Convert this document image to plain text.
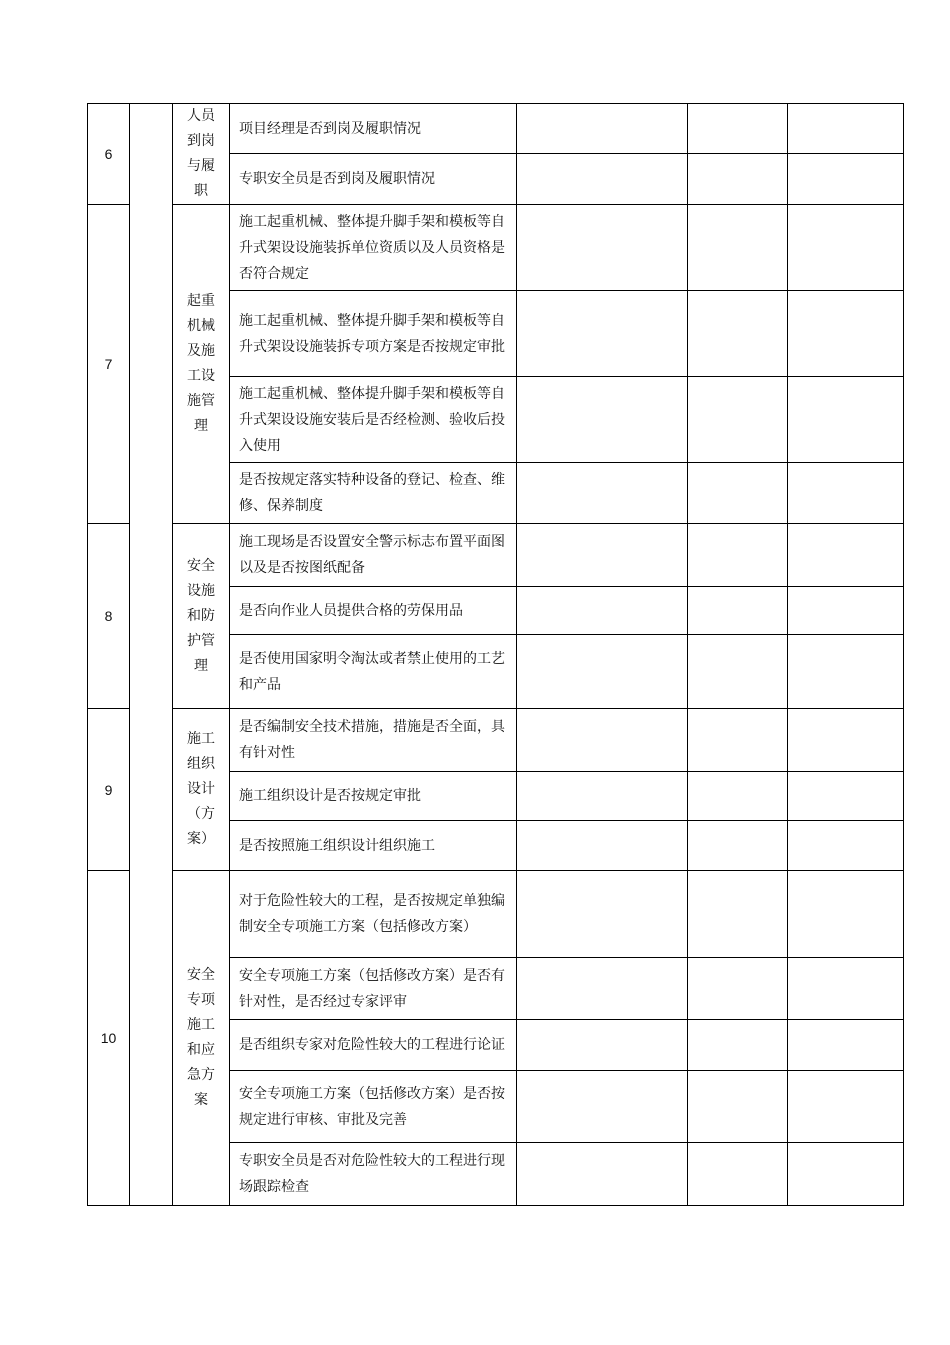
6		人员到岗与履职	项目经理是否到岗及履职情况			
			专职安全员是否到岗及履职情况			
7		起重机械及施工设施管理	施工起重机械、整体提升脚手架和模板等自升式架设设施装拆单位资质以及人员资格是否符合规定			
			施工起重机械、整体提升脚手架和模板等自升式架设设施装拆专项方案是否按规定审批			
			施工起重机械、整体提升脚手架和模板等自升式架设设施安装后是否经检测、验收后投入使用			
			是否按规定落实特种设备的登记、检查、维修、保养制度			
8		安全设施和防护管理	施工现场是否设置安全警示标志布置平面图以及是否按图纸配备			
			是否向作业人员提供合格的劳保用品			
			是否使用国家明令淘汰或者禁止使用的工艺和产品			
9		施工组织设计（方案）	是否编制安全技术措施，措施是否全面，具有针对性			
			施工组织设计是否按规定审批			
			是否按照施工组织设计组织施工			
10		安全专项施工和应急方案	对于危险性较大的工程，是否按规定单独编制安全专项施工方案（包括修改方案）			
			安全专项施工方案（包括修改方案）是否有针对性，是否经过专家评审			
			是否组织专家对危险性较大的工程进行论证			
			安全专项施工方案（包括修改方案）是否按规定进行审核、审批及完善			
			专职安全员是否对危险性较大的工程进行现场跟踪检查			
